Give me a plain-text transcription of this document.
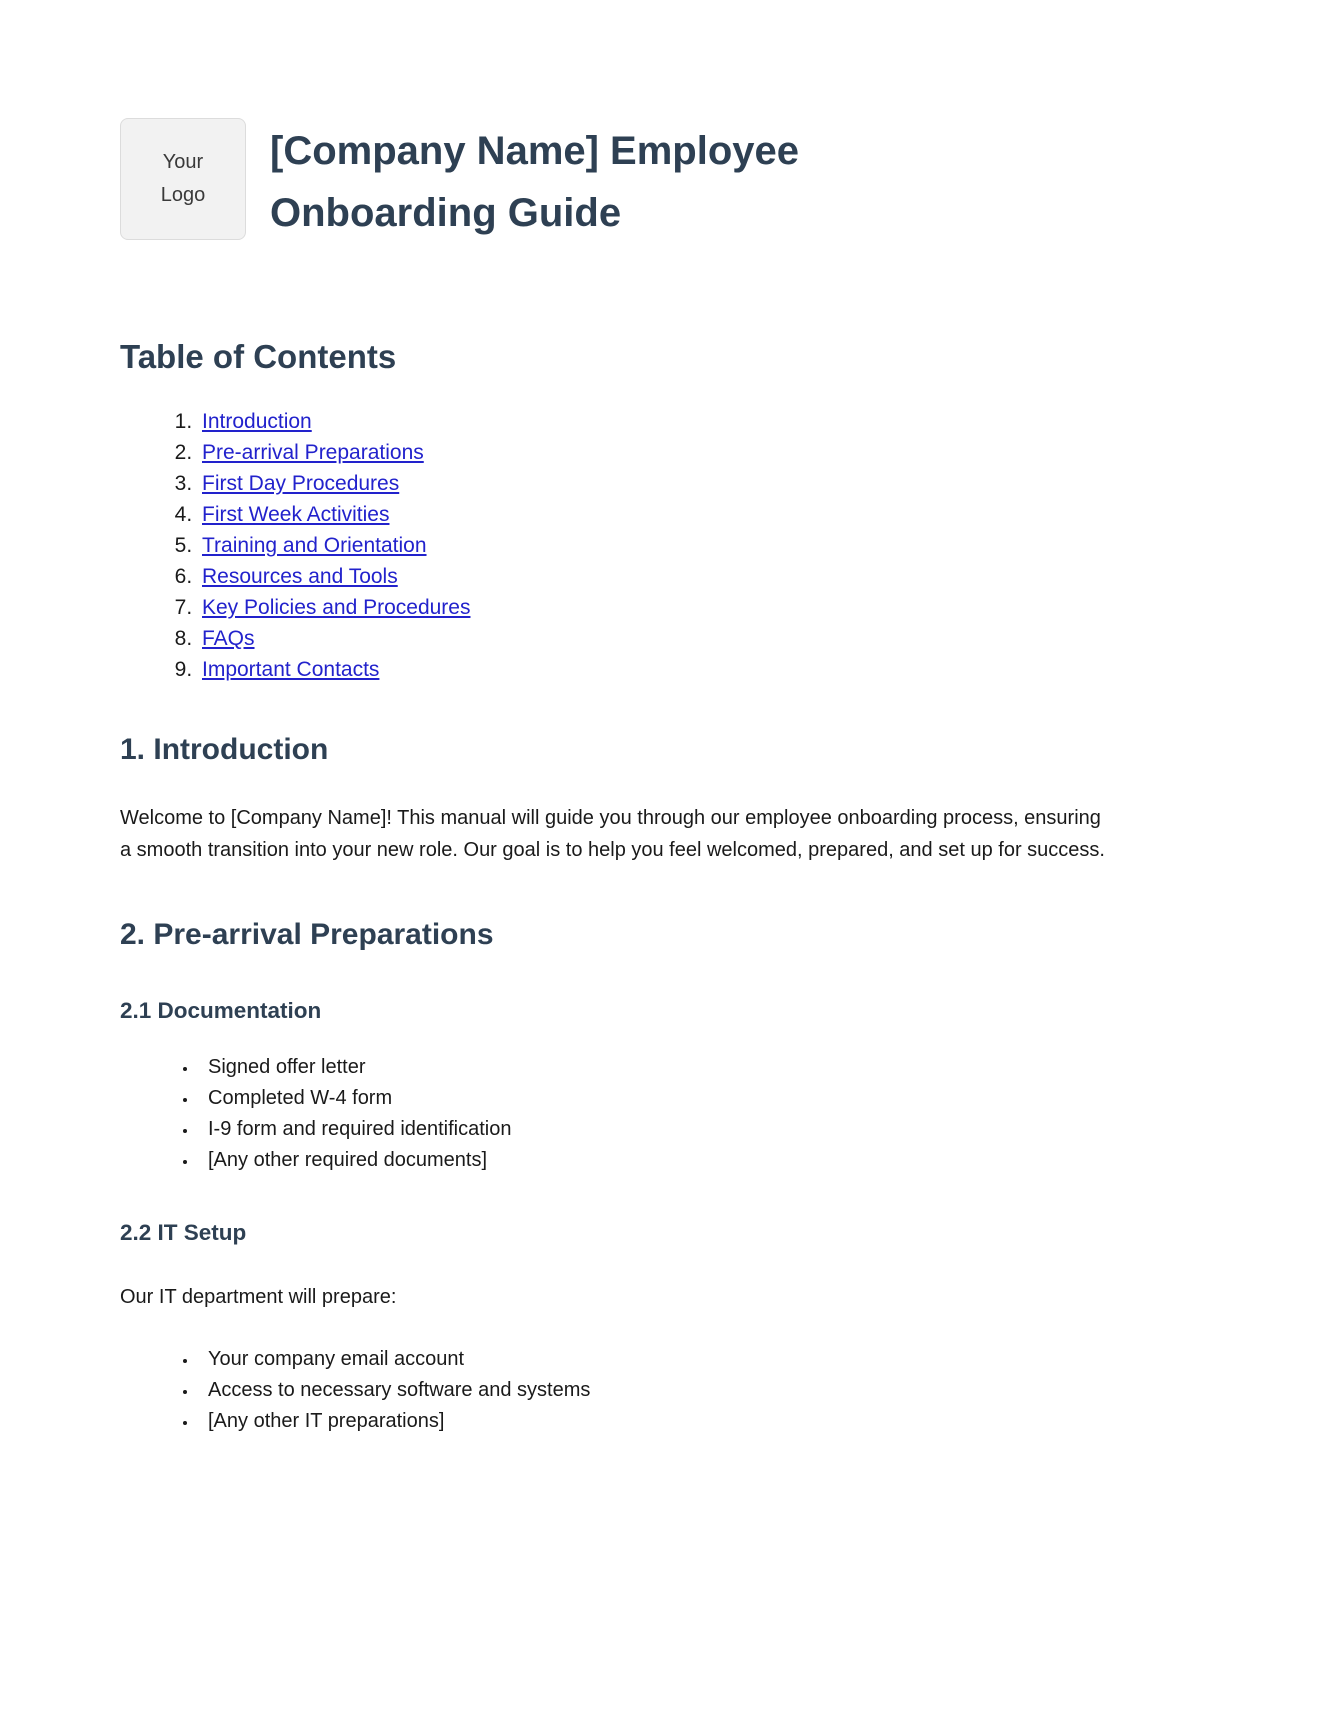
Your
Logo
[Company Name] Employee Onboarding Guide
Table of Contents
1. Introduction
2. Pre-arrival Preparations
3. First Day Procedures
4. First Week Activities
5. Training and Orientation
6. Resources and Tools
7. Key Policies and Procedures
8. FAQs
9. Important Contacts
1. Introduction

Welcome to [Company Name]! This manual will guide you through our employee onboarding process, ensuring a smooth transition into your new role. Our goal is to help you feel welcomed, prepared, and set up for success.

2. Pre-arrival Preparations
2.1 Documentation
• Signed offer letter
• Completed W-4 form
• I-9 form and required identification
• [Any other required documents]
2.2 IT Setup

Our IT department will prepare:

• Your company email account
• Access to necessary software and systems
• [Any other IT preparations]
